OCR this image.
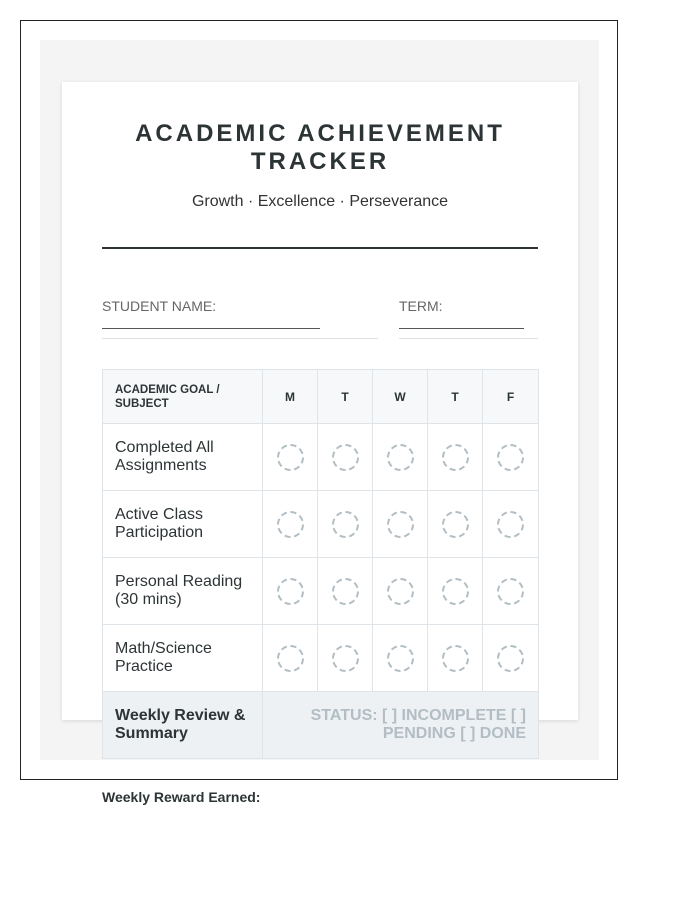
ACADEMIC ACHIEVEMENT TRACKER
Growth · Excellence · Perseverance
STUDENT NAME:	TERM:
ACADEMIC GOAL / SUBJECT	M	T	W	T	F
Completed All Assignments					
Active Class Participation					
Personal Reading (30 mins)					
Math/Science Practice					
Weekly Review & Summary	STATUS: [ ] INCOMPLETE [ ] PENDING [ ] DONE				
Weekly Reward Earned:
